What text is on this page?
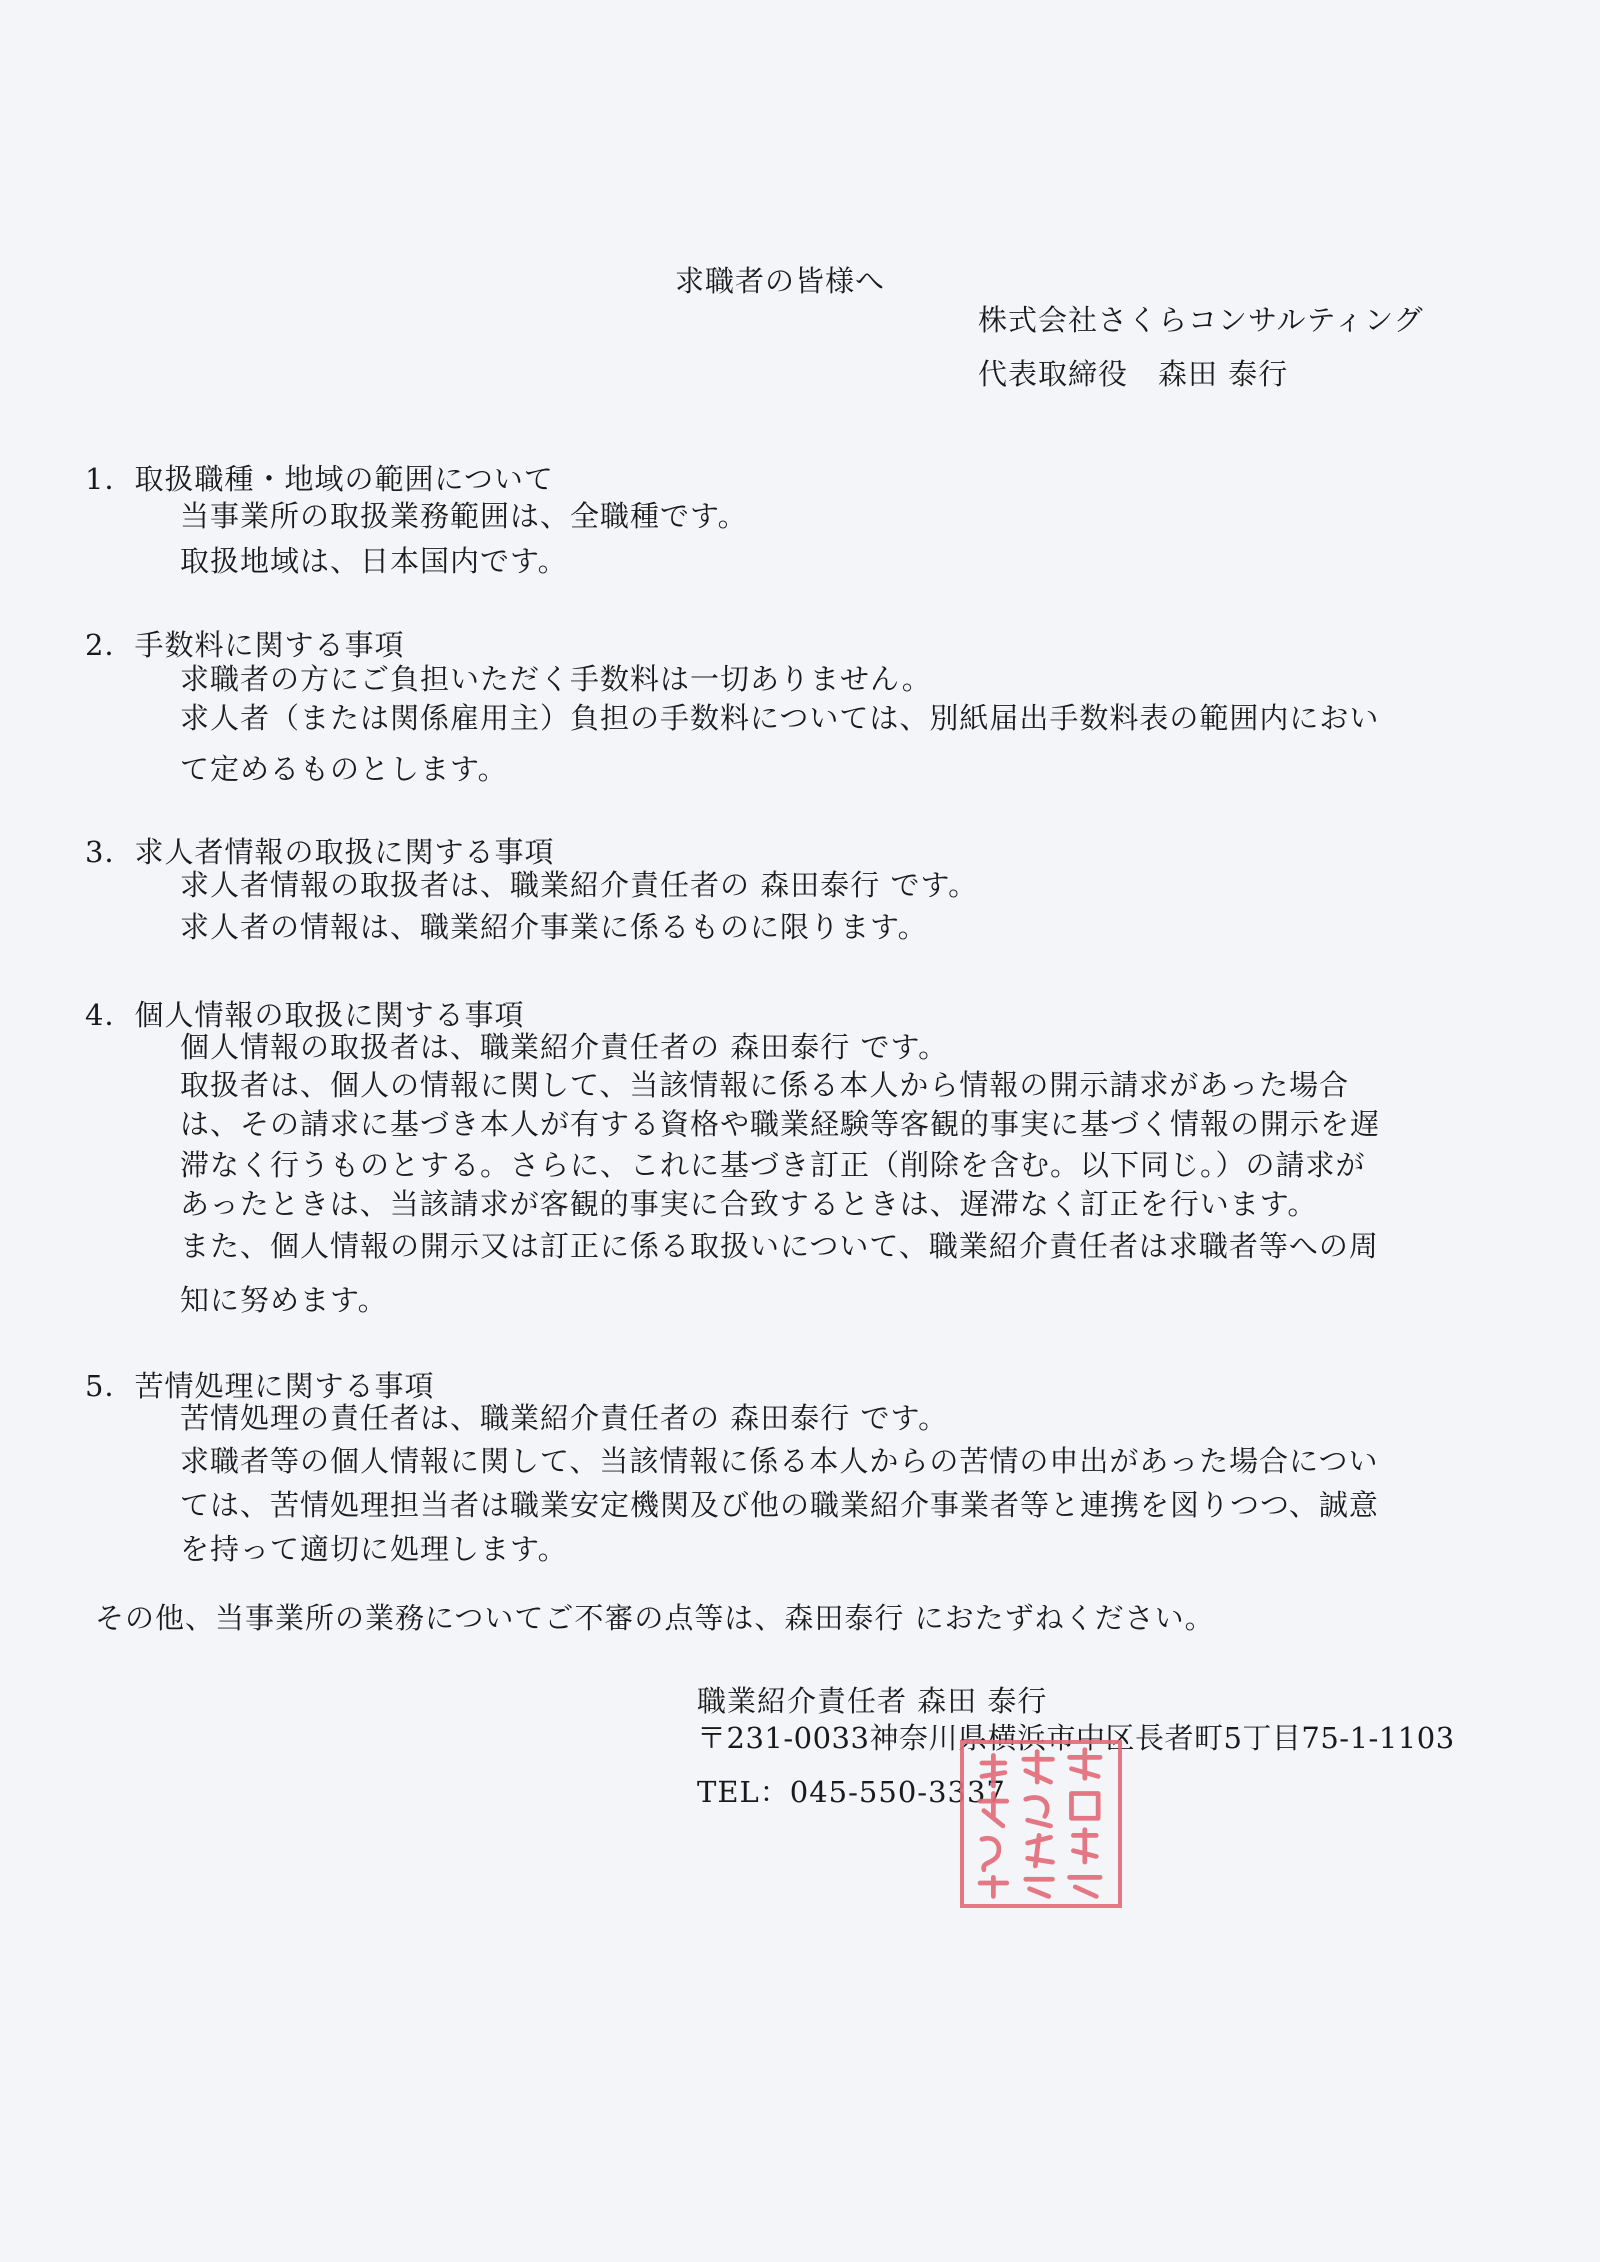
求職者の皆様へ
株式会社さくらコンサルティング
代表取締役　森田 泰行
1．取扱職種・地域の範囲について
当事業所の取扱業務範囲は、全職種です。
取扱地域は、日本国内です。
2．手数料に関する事項
求職者の方にご負担いただく手数料は一切ありません。
求人者（または関係雇用主）負担の手数料については、別紙届出手数料表の範囲内におい
て定めるものとします。
3．求人者情報の取扱に関する事項
求人者情報の取扱者は、職業紹介責任者の 森田泰行 です。
求人者の情報は、職業紹介事業に係るものに限ります。
4．個人情報の取扱に関する事項
個人情報の取扱者は、職業紹介責任者の 森田泰行 です。
取扱者は、個人の情報に関して、当該情報に係る本人から情報の開示請求があった場合
は、その請求に基づき本人が有する資格や職業経験等客観的事実に基づく情報の開示を遅
滞なく行うものとする。さらに、これに基づき訂正（削除を含む。以下同じ。）の請求が
あったときは、当該請求が客観的事実に合致するときは、遅滞なく訂正を行います。
また、個人情報の開示又は訂正に係る取扱いについて、職業紹介責任者は求職者等への周
知に努めます。
5．苦情処理に関する事項
苦情処理の責任者は、職業紹介責任者の 森田泰行 です。
求職者等の個人情報に関して、当該情報に係る本人からの苦情の申出があった場合につい
ては、苦情処理担当者は職業安定機関及び他の職業紹介事業者等と連携を図りつつ、誠意
を持って適切に処理します。
その他、当事業所の業務についてご不審の点等は、森田泰行 におたずねください。
職業紹介責任者 森田 泰行
〒231-0033神奈川県横浜市中区長者町5丁目75-1-1103
TEL：045-550-3337
